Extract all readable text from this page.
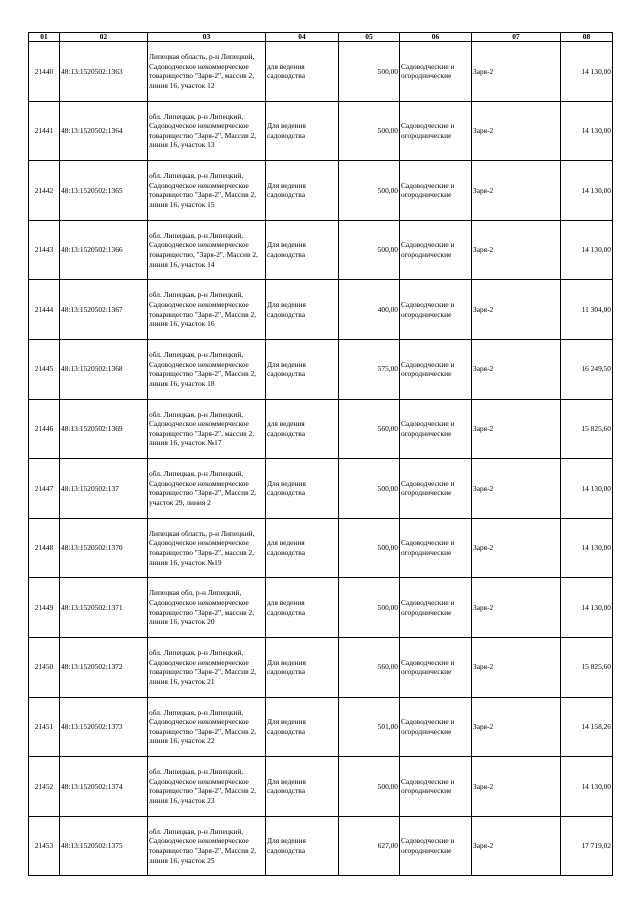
01	02	03	04	05	06	07	08
21440	48:13:1520502:1363	Липецкая область, р-н Липецкий, Садоводческое некоммерческое товарищество "Заря-2", массив 2, линия 16, участок 12	для ведения садоводства	500,00	Садоводческие и огороднические	Заря-2	14 130,00
21441	48:13:1520502:1364	обл. Липецкая, р-н Липецкий, Садоводческое некоммерческое товарищество "Заря-2", Массив 2, линия 16, участок 13	Для ведения садоводства	500,00	Садоводческие и огороднические	Заря-2	14 130,00
21442	48:13:1520502:1365	обл. Липецкая, р-н Липецкий, Садоводческое некоммерческое товарищество "Заря-2", Массив 2, линия 16, участок 15	Для ведения садоводства	500,00	Садоводческие и огороднические	Заря-2	14 130,00
21443	48:13:1520502:1366	обл. Липецкая, р-н Липецкий, Садоводческое некоммерческое товарищество, "Заря-2", Массив 2, линия 16, участок 14	Для ведения садоводства	500,00	Садоводческие и огороднические	Заря-2	14 130,00
21444	48:13:1520502:1367	обл. Липецкая, р-н Липецкий, Садоводческое некоммерческое товарищество "Заря-2", Массив 2, линия 16, участок 16	Для ведения садоводства	400,00	Садоводческие и огороднические	Заря-2	11 304,00
21445	48:13:1520502:1368	обл. Липецкая, р-н Липецкий, Садоводческое некоммерческое товарищество "Заря-2", Массив 2, линия 16, участок 18	Для ведения садоводства	575,00	Садоводческие и огороднические	Заря-2	16 249,50
21446	48:13:1520502:1369	обл. Липецкая, р-н Липецкий, Садоводческое некоммерческое товарищество "Заря-2", массив 2, линия 16, участок №17	для ведения садоводства	560,00	Садоводческие и огороднические	Заря-2	15 825,60
21447	48:13:1520502:137	обл. Липецкая, р-н Липецкий, Садоводческое некоммерческое товарищество "Заря-2", Массив 2, участок 29, линия 2	Для ведения садоводства	500,00	Садоводческие и огороднические	Заря-2	14 130,00
21448	48:13:1520502:1370	Липецкая область, р-н Липецкий, Садоводческое некоммерческое товарищество "Заря-2", массив 2, линия 16, участок №19	для ведения садоводства	500,00	Садоводческие и огороднические	Заря-2	14 130,00
21449	48:13:1520502:1371	Липецкая обл, р-н Липецкий, Садоводческое некоммерческое товарищество "Заря-2", массив 2, линия 16, участок 20	для ведения садоводства	500,00	Садоводческие и огороднические	Заря-2	14 130,00
21450	48:13:1520502:1372	обл. Липецкая, р-н Липецкий, Садоводческое некоммерческое товарищество "Заря-2", Массив 2, линия 16, участок 21	Для ведения садоводства	560,00	Садоводческие и огороднические	Заря-2	15 825,60
21451	48:13:1520502:1373	обл. Липецкая, р-н Липецкий, Садоводческое некоммерческое товарищество "Заря-2", Массив 2, линия 16, участок 22	Для ведения садоводства	501,00	Садоводческие и огороднические	Заря-2	14 158,26
21452	48:13:1520502:1374	обл. Липецкая, р-н Липецкий, Садоводческое некоммерческое товарищество "Заря-2", Массив 2, линия 16, участок 23	Для ведения садоводства	500,00	Садоводческие и огороднические	Заря-2	14 130,00
21453	48:13:1520502:1375	обл. Липецкая, р-н Липецкий, Садоводческое некоммерческое товарищество "Заря-2", Массив 2, линия 16, участок 25	Для ведения садоводства	627,00	Садоводческие и огороднические	Заря-2	17 719,02
